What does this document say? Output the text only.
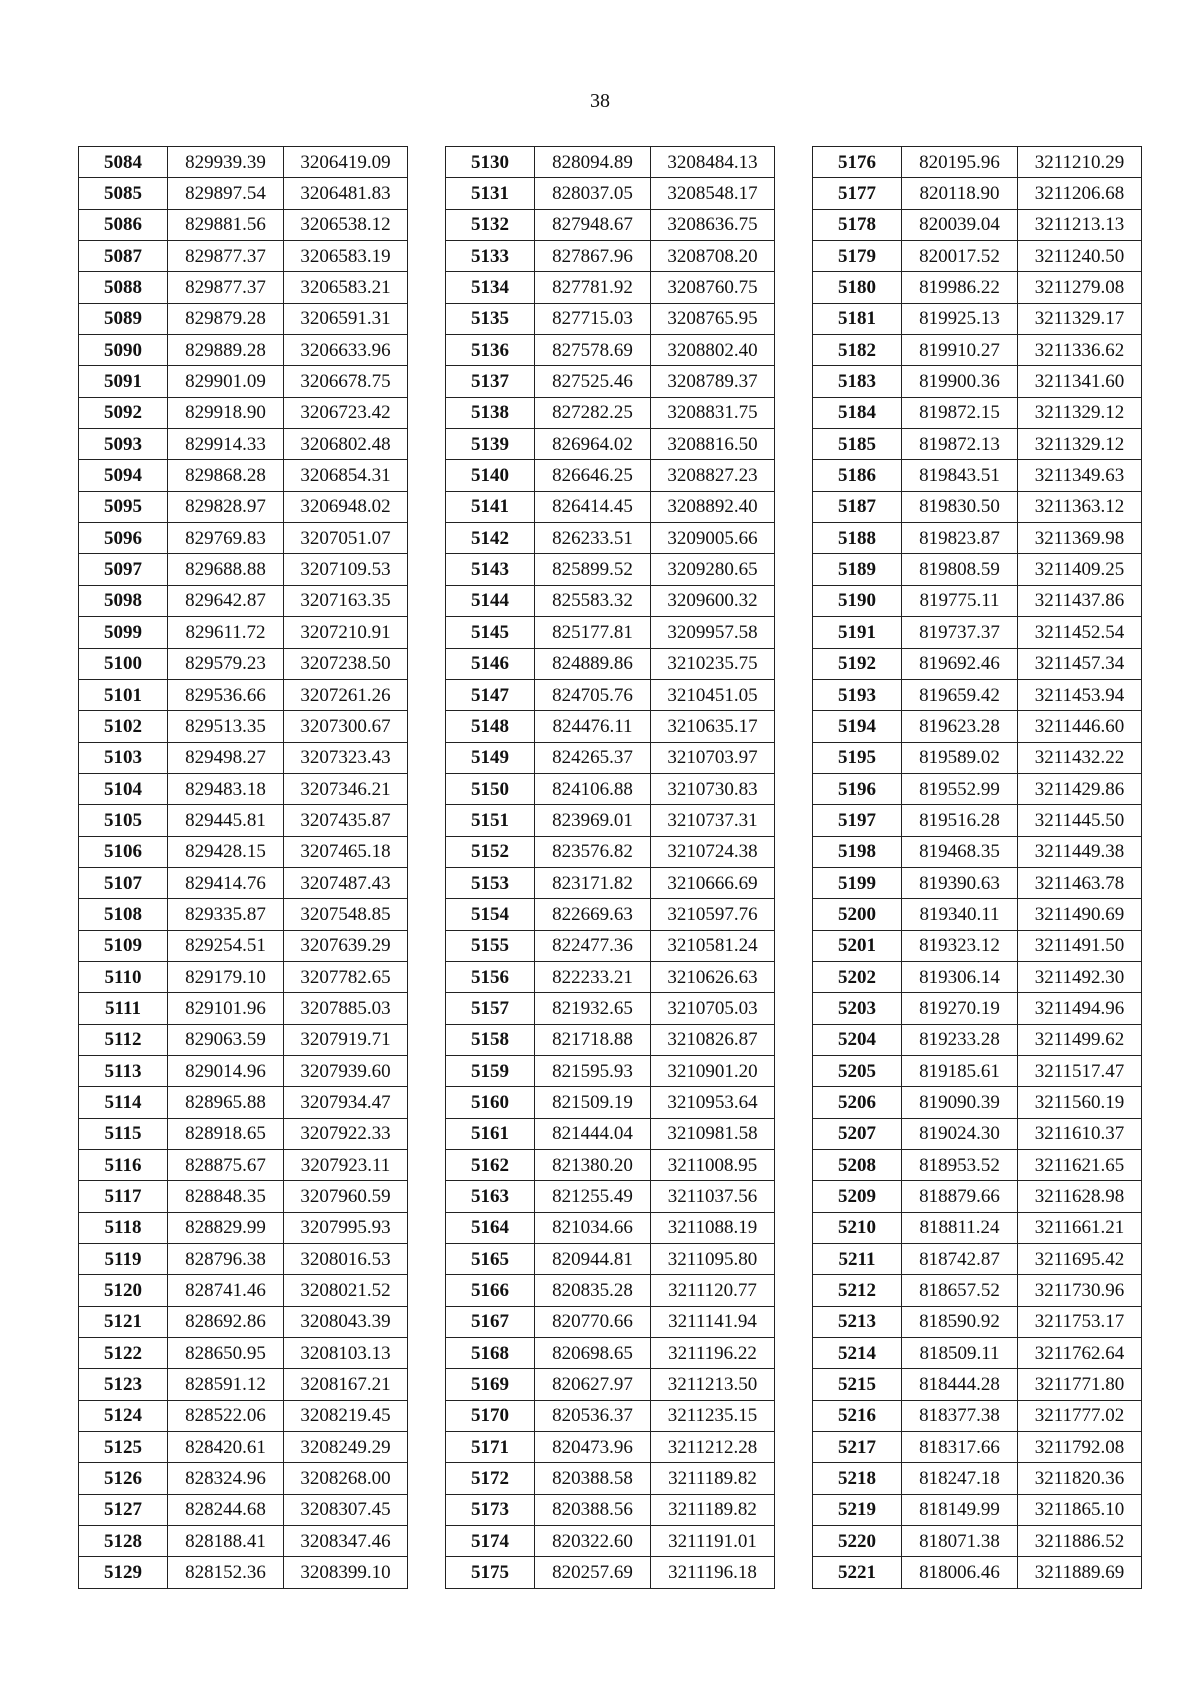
38
5084	829939.39	3206419.09
5085	829897.54	3206481.83
5086	829881.56	3206538.12
5087	829877.37	3206583.19
5088	829877.37	3206583.21
5089	829879.28	3206591.31
5090	829889.28	3206633.96
5091	829901.09	3206678.75
5092	829918.90	3206723.42
5093	829914.33	3206802.48
5094	829868.28	3206854.31
5095	829828.97	3206948.02
5096	829769.83	3207051.07
5097	829688.88	3207109.53
5098	829642.87	3207163.35
5099	829611.72	3207210.91
5100	829579.23	3207238.50
5101	829536.66	3207261.26
5102	829513.35	3207300.67
5103	829498.27	3207323.43
5104	829483.18	3207346.21
5105	829445.81	3207435.87
5106	829428.15	3207465.18
5107	829414.76	3207487.43
5108	829335.87	3207548.85
5109	829254.51	3207639.29
5110	829179.10	3207782.65
5111	829101.96	3207885.03
5112	829063.59	3207919.71
5113	829014.96	3207939.60
5114	828965.88	3207934.47
5115	828918.65	3207922.33
5116	828875.67	3207923.11
5117	828848.35	3207960.59
5118	828829.99	3207995.93
5119	828796.38	3208016.53
5120	828741.46	3208021.52
5121	828692.86	3208043.39
5122	828650.95	3208103.13
5123	828591.12	3208167.21
5124	828522.06	3208219.45
5125	828420.61	3208249.29
5126	828324.96	3208268.00
5127	828244.68	3208307.45
5128	828188.41	3208347.46
5129	828152.36	3208399.10
5130	828094.89	3208484.13
5131	828037.05	3208548.17
5132	827948.67	3208636.75
5133	827867.96	3208708.20
5134	827781.92	3208760.75
5135	827715.03	3208765.95
5136	827578.69	3208802.40
5137	827525.46	3208789.37
5138	827282.25	3208831.75
5139	826964.02	3208816.50
5140	826646.25	3208827.23
5141	826414.45	3208892.40
5142	826233.51	3209005.66
5143	825899.52	3209280.65
5144	825583.32	3209600.32
5145	825177.81	3209957.58
5146	824889.86	3210235.75
5147	824705.76	3210451.05
5148	824476.11	3210635.17
5149	824265.37	3210703.97
5150	824106.88	3210730.83
5151	823969.01	3210737.31
5152	823576.82	3210724.38
5153	823171.82	3210666.69
5154	822669.63	3210597.76
5155	822477.36	3210581.24
5156	822233.21	3210626.63
5157	821932.65	3210705.03
5158	821718.88	3210826.87
5159	821595.93	3210901.20
5160	821509.19	3210953.64
5161	821444.04	3210981.58
5162	821380.20	3211008.95
5163	821255.49	3211037.56
5164	821034.66	3211088.19
5165	820944.81	3211095.80
5166	820835.28	3211120.77
5167	820770.66	3211141.94
5168	820698.65	3211196.22
5169	820627.97	3211213.50
5170	820536.37	3211235.15
5171	820473.96	3211212.28
5172	820388.58	3211189.82
5173	820388.56	3211189.82
5174	820322.60	3211191.01
5175	820257.69	3211196.18
5176	820195.96	3211210.29
5177	820118.90	3211206.68
5178	820039.04	3211213.13
5179	820017.52	3211240.50
5180	819986.22	3211279.08
5181	819925.13	3211329.17
5182	819910.27	3211336.62
5183	819900.36	3211341.60
5184	819872.15	3211329.12
5185	819872.13	3211329.12
5186	819843.51	3211349.63
5187	819830.50	3211363.12
5188	819823.87	3211369.98
5189	819808.59	3211409.25
5190	819775.11	3211437.86
5191	819737.37	3211452.54
5192	819692.46	3211457.34
5193	819659.42	3211453.94
5194	819623.28	3211446.60
5195	819589.02	3211432.22
5196	819552.99	3211429.86
5197	819516.28	3211445.50
5198	819468.35	3211449.38
5199	819390.63	3211463.78
5200	819340.11	3211490.69
5201	819323.12	3211491.50
5202	819306.14	3211492.30
5203	819270.19	3211494.96
5204	819233.28	3211499.62
5205	819185.61	3211517.47
5206	819090.39	3211560.19
5207	819024.30	3211610.37
5208	818953.52	3211621.65
5209	818879.66	3211628.98
5210	818811.24	3211661.21
5211	818742.87	3211695.42
5212	818657.52	3211730.96
5213	818590.92	3211753.17
5214	818509.11	3211762.64
5215	818444.28	3211771.80
5216	818377.38	3211777.02
5217	818317.66	3211792.08
5218	818247.18	3211820.36
5219	818149.99	3211865.10
5220	818071.38	3211886.52
5221	818006.46	3211889.69
